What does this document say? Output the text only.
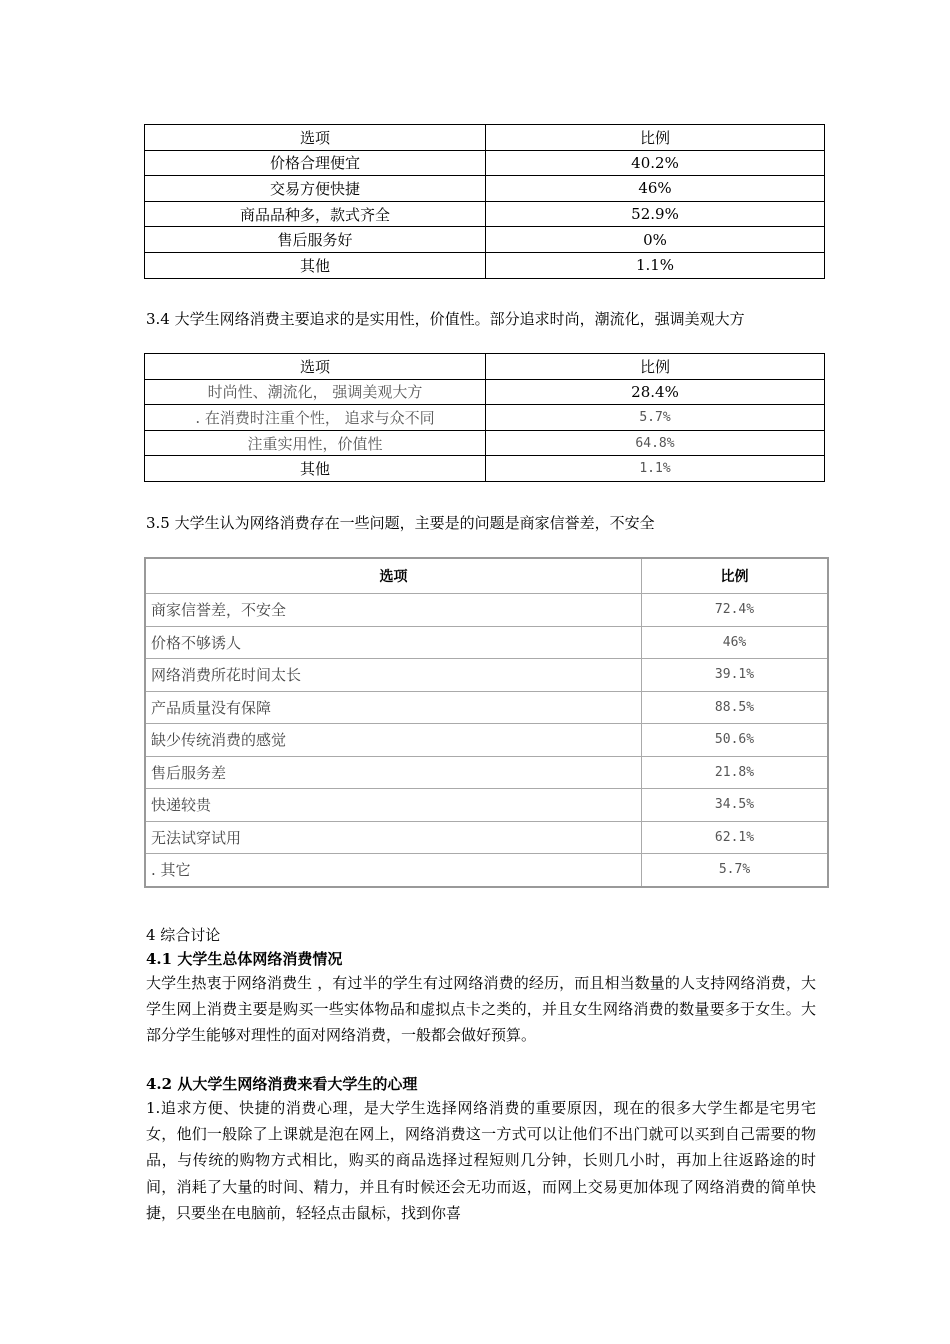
选项	比例
价格合理便宜	40.2%
交易方便快捷	46%
商品品种多，款式齐全	52.9%
售后服务好	0%
其他	1.1%
3.4 大学生网络消费主要追求的是实用性，价值性。部分追求时尚，潮流化，强调美观大方
选项	比例
时尚性、潮流化， 强调美观大方	28.4%
. 在消费时注重个性， 追求与众不同	5.7%
注重实用性，价值性	64.8%
其他	1.1%
3.5 大学生认为网络消费存在一些问题，主要是的问题是商家信誉差，不安全
选项	比例
商家信誉差，不安全	72.4%
价格不够诱人	46%
网络消费所花时间太长	39.1%
产品质量没有保障	88.5%
缺少传统消费的感觉	50.6%
售后服务差	21.8%
快递较贵	34.5%
无法试穿试用	62.1%
. 其它	5.7%
4 综合讨论
4.1 大学生总体网络消费情况
大学生热衷于网络消费生 ，有过半的学生有过网络消费的经历，而且相当数量的人支持网络消费，大学生网上消费主要是购买一些实体物品和虚拟点卡之类的，并且女生网络消费的数量要多于女生。大部分学生能够对理性的面对网络消费，一般都会做好预算。
4.2 从大学生网络消费来看大学生的心理
1.追求方便、快捷的消费心理，是大学生选择网络消费的重要原因，现在的很多大学生都是宅男宅女，他们一般除了上课就是泡在网上，网络消费这一方式可以让他们不出门就可以买到自己需要的物品，与传统的购物方式相比，购买的商品选择过程短则几分钟，长则几小时，再加上往返路途的时间，消耗了大量的时间、精力，并且有时候还会无功而返，而网上交易更加体现了网络消费的简单快捷，只要坐在电脑前，轻轻点击鼠标，找到你喜
